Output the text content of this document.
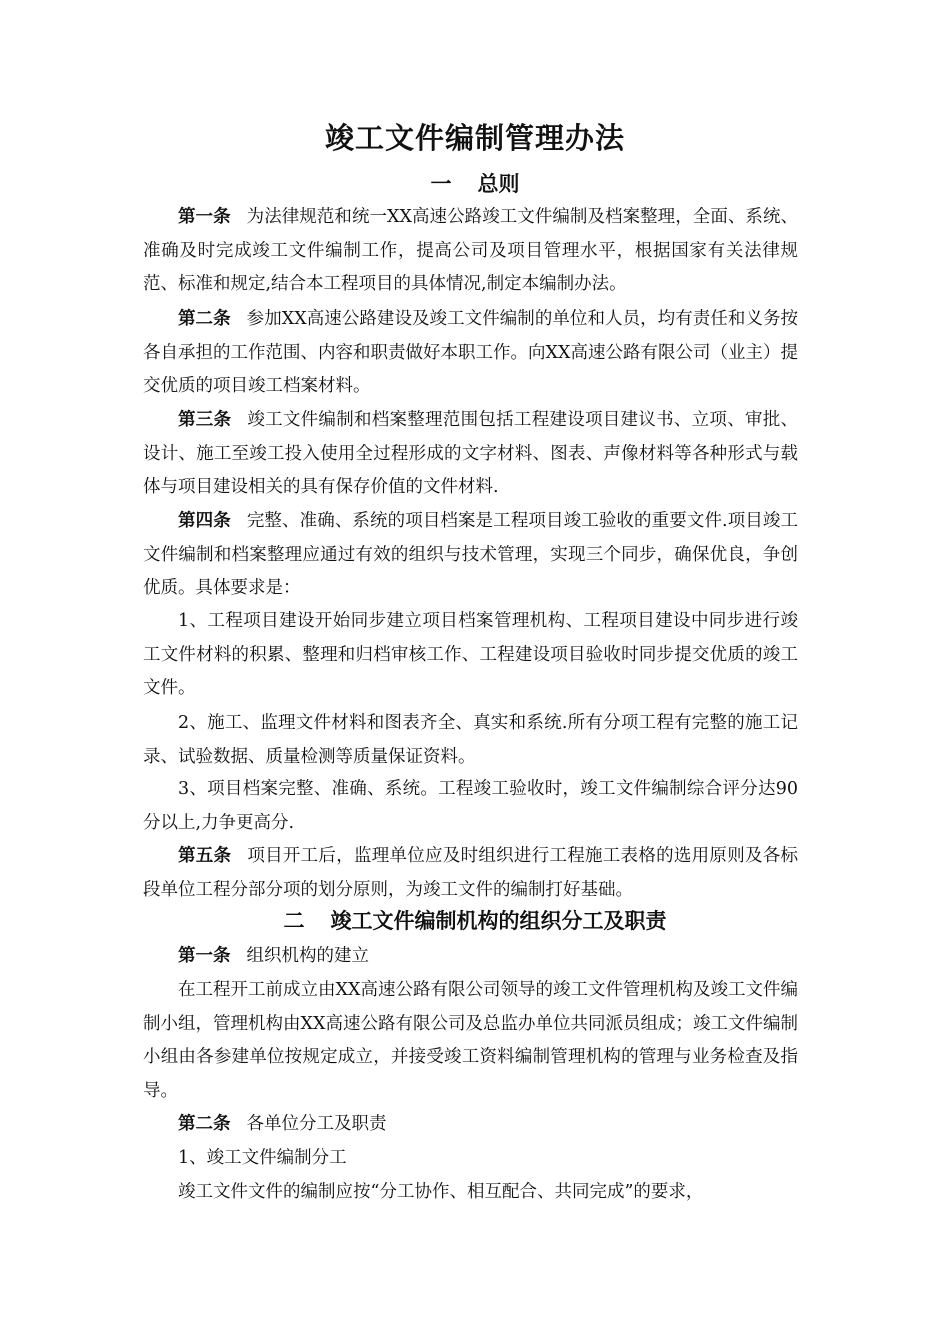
竣工文件编制管理办法
一 总则
第一条 为法律规范和统一XX高速公路竣工文件编制及档案整理，全面、系统、准确及时完成竣工文件编制工作，提高公司及项目管理水平，根据国家有关法律规范、标准和规定,结合本工程项目的具体情况,制定本编制办法。
第二条 参加XX高速公路建设及竣工文件编制的单位和人员，均有责任和义务按各自承担的工作范围、内容和职责做好本职工作。向XX高速公路有限公司（业主）提交优质的项目竣工档案材料。
第三条 竣工文件编制和档案整理范围包括工程建设项目建议书、立项、审批、设计、施工至竣工投入使用全过程形成的文字材料、图表、声像材料等各种形式与载体与项目建设相关的具有保存价值的文件材料.
第四条 完整、准确、系统的项目档案是工程项目竣工验收的重要文件.项目竣工文件编制和档案整理应通过有效的组织与技术管理，实现三个同步，确保优良，争创优质。具体要求是：
1、工程项目建设开始同步建立项目档案管理机构、工程项目建设中同步进行竣工文件材料的积累、整理和归档审核工作、工程建设项目验收时同步提交优质的竣工文件。
2、施工、监理文件材料和图表齐全、真实和系统.所有分项工程有完整的施工记录、试验数据、质量检测等质量保证资料。
3、项目档案完整、准确、系统。工程竣工验收时，竣工文件编制综合评分达90分以上,力争更高分.
第五条 项目开工后，监理单位应及时组织进行工程施工表格的选用原则及各标段单位工程分部分项的划分原则，为竣工文件的编制打好基础。
二 竣工文件编制机构的组织分工及职责
第一条 组织机构的建立
在工程开工前成立由XX高速公路有限公司领导的竣工文件管理机构及竣工文件编制小组，管理机构由XX高速公路有限公司及总监办单位共同派员组成；竣工文件编制小组由各参建单位按规定成立，并接受竣工资料编制管理机构的管理与业务检查及指导。
第二条 各单位分工及职责
1、竣工文件编制分工
竣工文件文件的编制应按“分工协作、相互配合、共同完成”的要求，
